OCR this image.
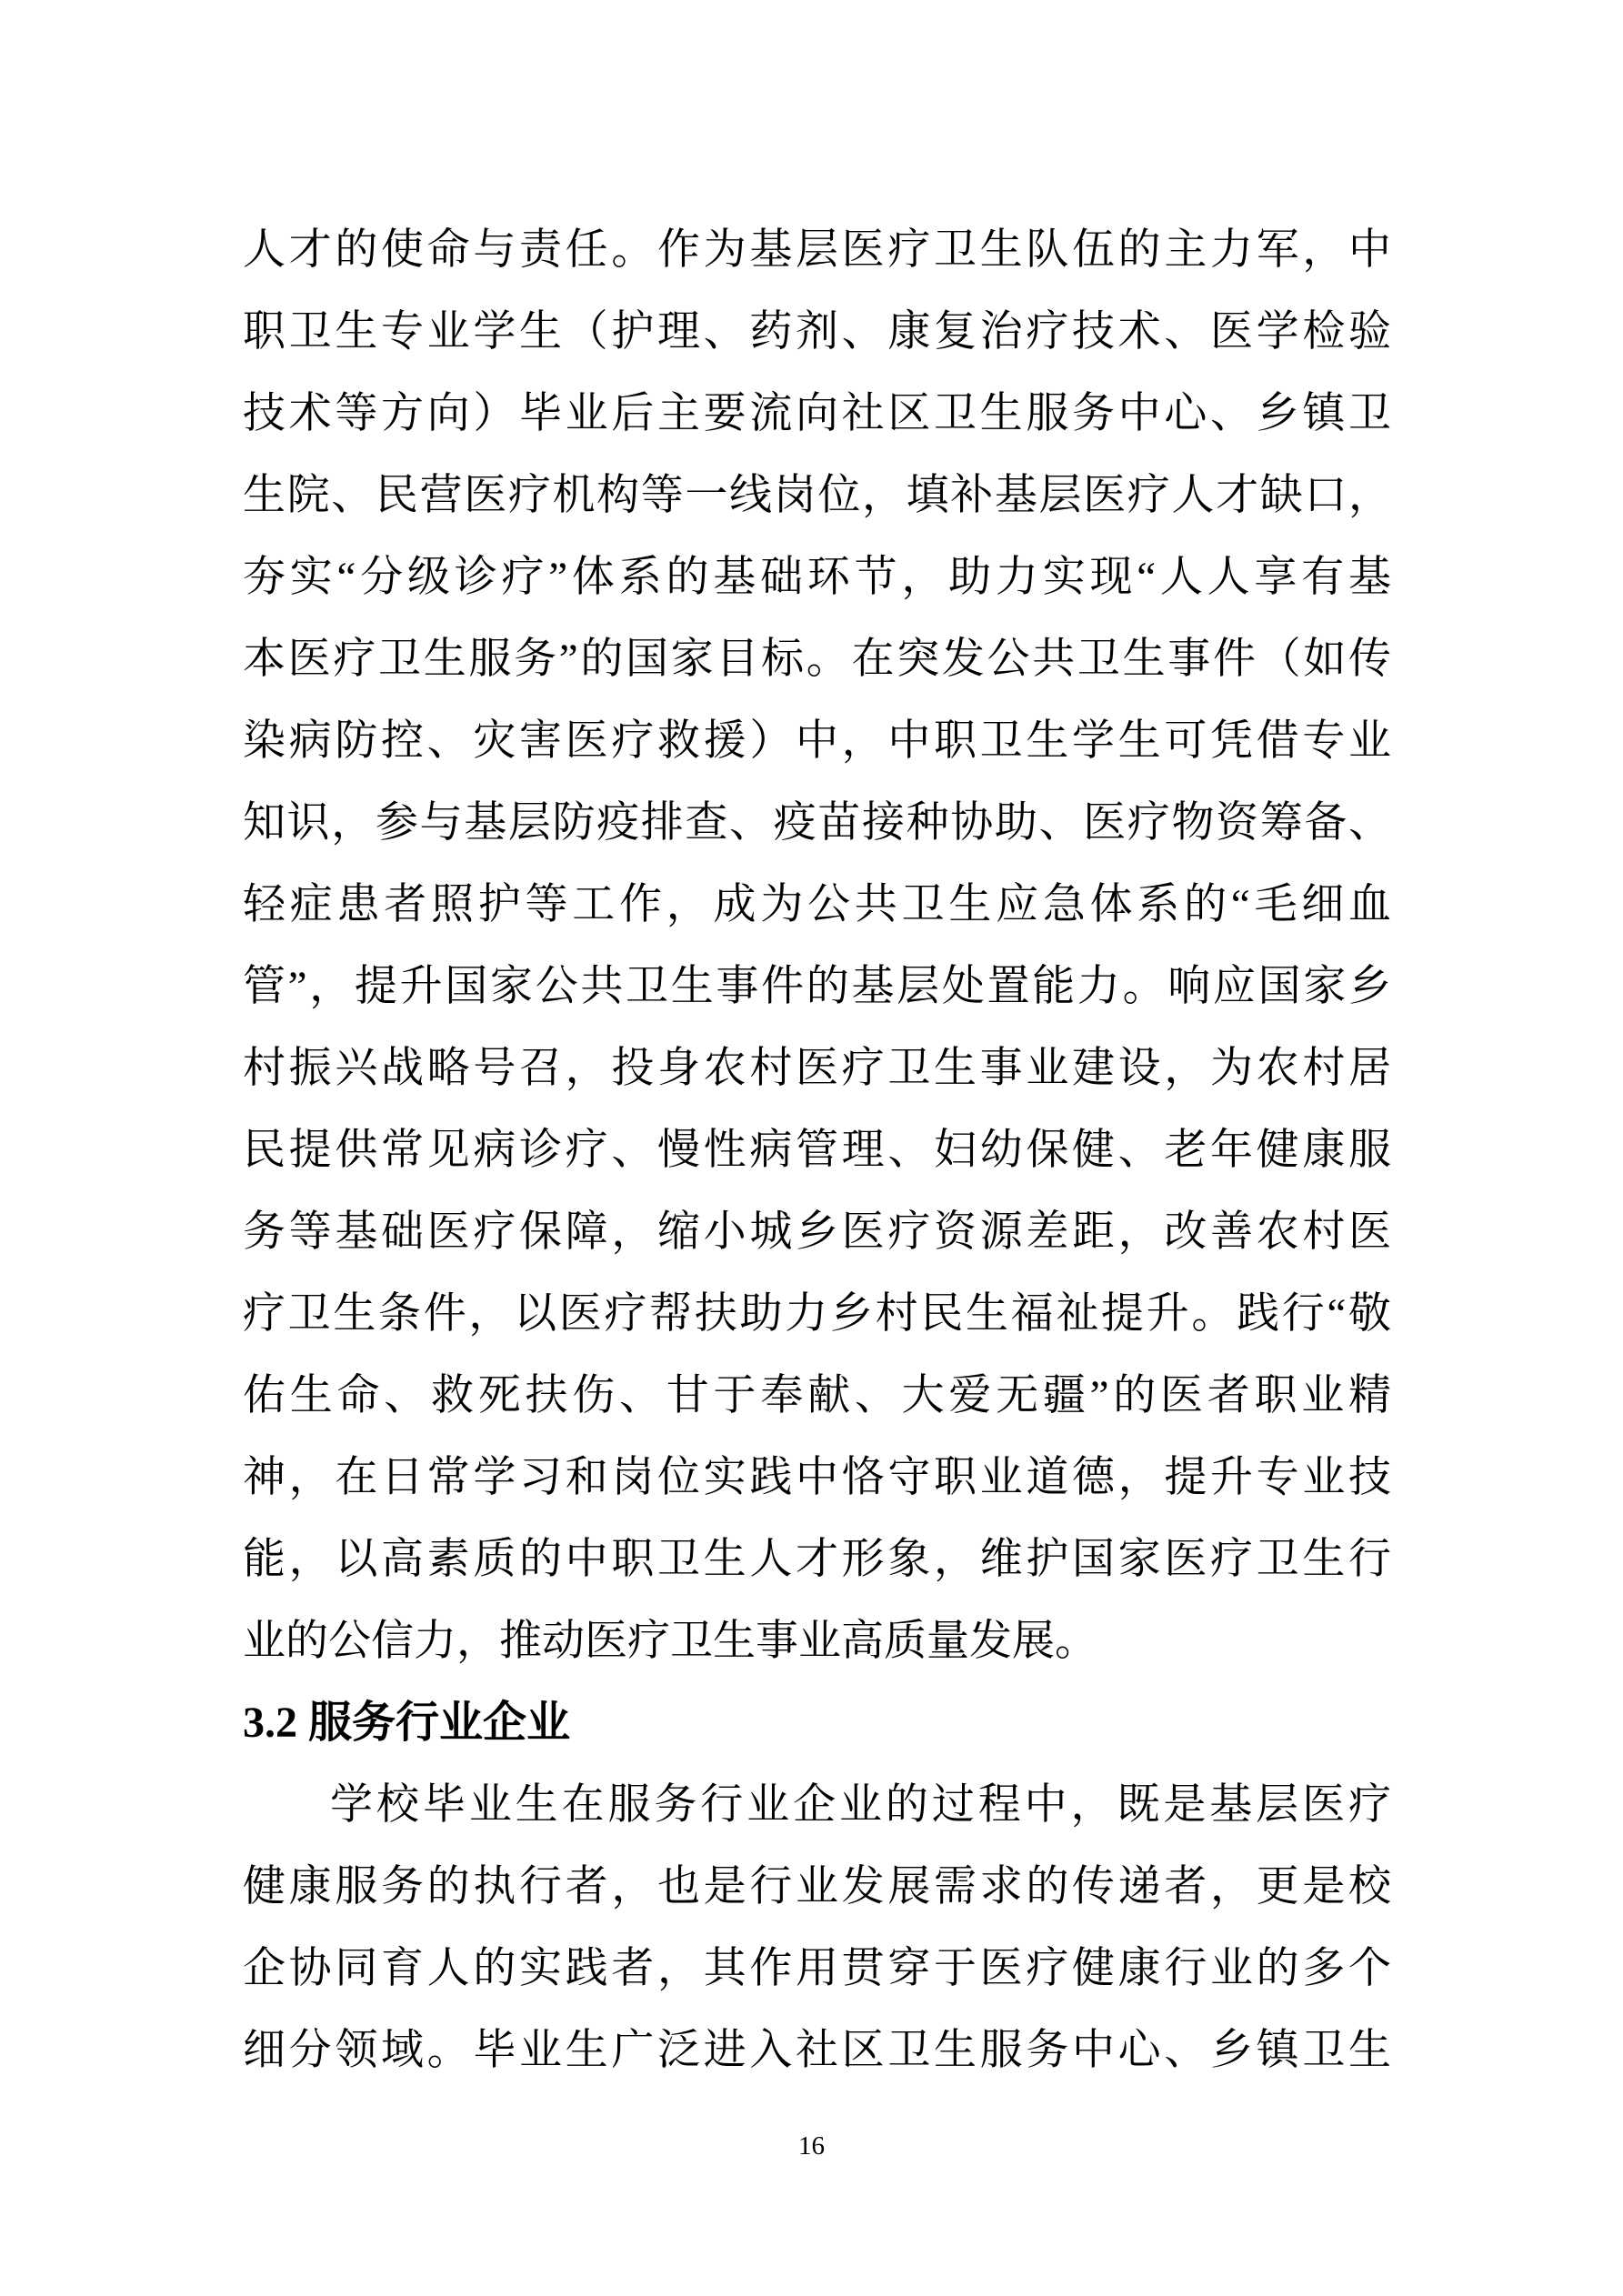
人才的使命与责任。作为基层医疗卫生队伍的主力军，中
职卫生专业学生（护理、药剂、康复治疗技术、医学检验
技术等方向）毕业后主要流向社区卫生服务中心、乡镇卫
生院、民营医疗机构等一线岗位，填补基层医疗人才缺口，
夯实“分级诊疗”体系的基础环节，助力实现“人人享有基
本医疗卫生服务”的国家目标。在突发公共卫生事件（如传
染病防控、灾害医疗救援）中，中职卫生学生可凭借专业
知识，参与基层防疫排查、疫苗接种协助、医疗物资筹备、
轻症患者照护等工作，成为公共卫生应急体系的“毛细血
管”，提升国家公共卫生事件的基层处置能力。响应国家乡
村振兴战略号召，投身农村医疗卫生事业建设，为农村居
民提供常见病诊疗、慢性病管理、妇幼保健、老年健康服
务等基础医疗保障，缩小城乡医疗资源差距，改善农村医
疗卫生条件，以医疗帮扶助力乡村民生福祉提升。践行“敬
佑生命、救死扶伤、甘于奉献、大爱无疆”的医者职业精
神，在日常学习和岗位实践中恪守职业道德，提升专业技
能，以高素质的中职卫生人才形象，维护国家医疗卫生行
业的公信力，推动医疗卫生事业高质量发展。
3.2 服务行业企业
学校毕业生在服务行业企业的过程中，既是基层医疗
健康服务的执行者，也是行业发展需求的传递者，更是校
企协同育人的实践者，其作用贯穿于医疗健康行业的多个
细分领域。毕业生广泛进入社区卫生服务中心、乡镇卫生
16
